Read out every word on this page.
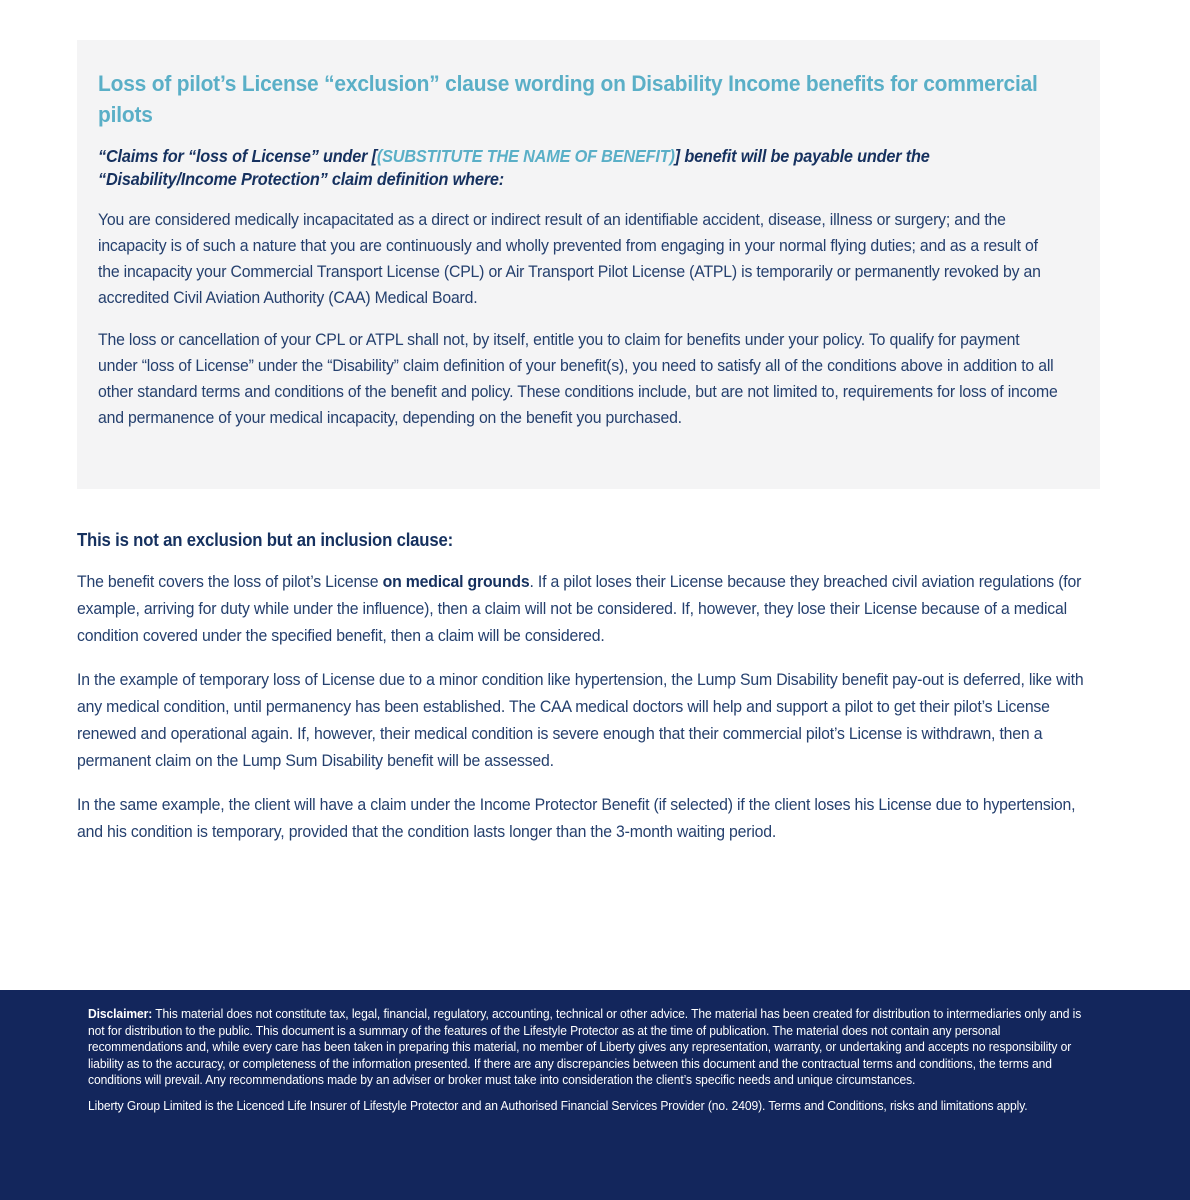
Loss of pilot’s License “exclusion” clause wording on Disability Income benefits for commercial pilots

“Claims for “loss of License” under [(SUBSTITUTE THE NAME OF BENEFIT)] benefit will be payable under the “Disability/Income Protection” claim definition where:

You are considered medically incapacitated as a direct or indirect result of an identifiable accident, disease, illness or surgery; and the incapacity is of such a nature that you are continuously and wholly prevented from engaging in your normal flying duties; and as a result of the incapacity your Commercial Transport License (CPL) or Air Transport Pilot License (ATPL) is temporarily or permanently revoked by an accredited Civil Aviation Authority (CAA) Medical Board.

The loss or cancellation of your CPL or ATPL shall not, by itself, entitle you to claim for benefits under your policy. To qualify for payment under “loss of License” under the “Disability” claim definition of your benefit(s), you need to satisfy all of the conditions above in addition to all other standard terms and conditions of the benefit and policy. These conditions include, but are not limited to, requirements for loss of income and permanence of your medical incapacity, depending on the benefit you purchased.

This is not an exclusion but an inclusion clause:

The benefit covers the loss of pilot’s License on medical grounds. If a pilot loses their License because they breached civil aviation regulations (for example, arriving for duty while under the influence), then a claim will not be considered. If, however, they lose their License because of a medical condition covered under the specified benefit, then a claim will be considered.

In the example of temporary loss of License due to a minor condition like hypertension, the Lump Sum Disability benefit pay-out is deferred, like with any medical condition, until permanency has been established. The CAA medical doctors will help and support a pilot to get their pilot’s License renewed and operational again. If, however, their medical condition is severe enough that their commercial pilot’s License is withdrawn, then a permanent claim on the Lump Sum Disability benefit will be assessed.

In the same example, the client will have a claim under the Income Protector Benefit (if selected) if the client loses his License due to hypertension, and his condition is temporary, provided that the condition lasts longer than the 3-month waiting period.

Disclaimer: This material does not constitute tax, legal, financial, regulatory, accounting, technical or other advice. The material has been created for distribution to intermediaries only and is not for distribution to the public. This document is a summary of the features of the Lifestyle Protector as at the time of publication. The material does not contain any personal recommendations and, while every care has been taken in preparing this material, no member of Liberty gives any representation, warranty, or undertaking and accepts no responsibility or liability as to the accuracy, or completeness of the information presented. If there are any discrepancies between this document and the contractual terms and conditions, the terms and conditions will prevail. Any recommendations made by an adviser or broker must take into consideration the client’s specific needs and unique circumstances.

Liberty Group Limited is the Licenced Life Insurer of Lifestyle Protector and an Authorised Financial Services Provider (no. 2409). Terms and Conditions, risks and limitations apply.
